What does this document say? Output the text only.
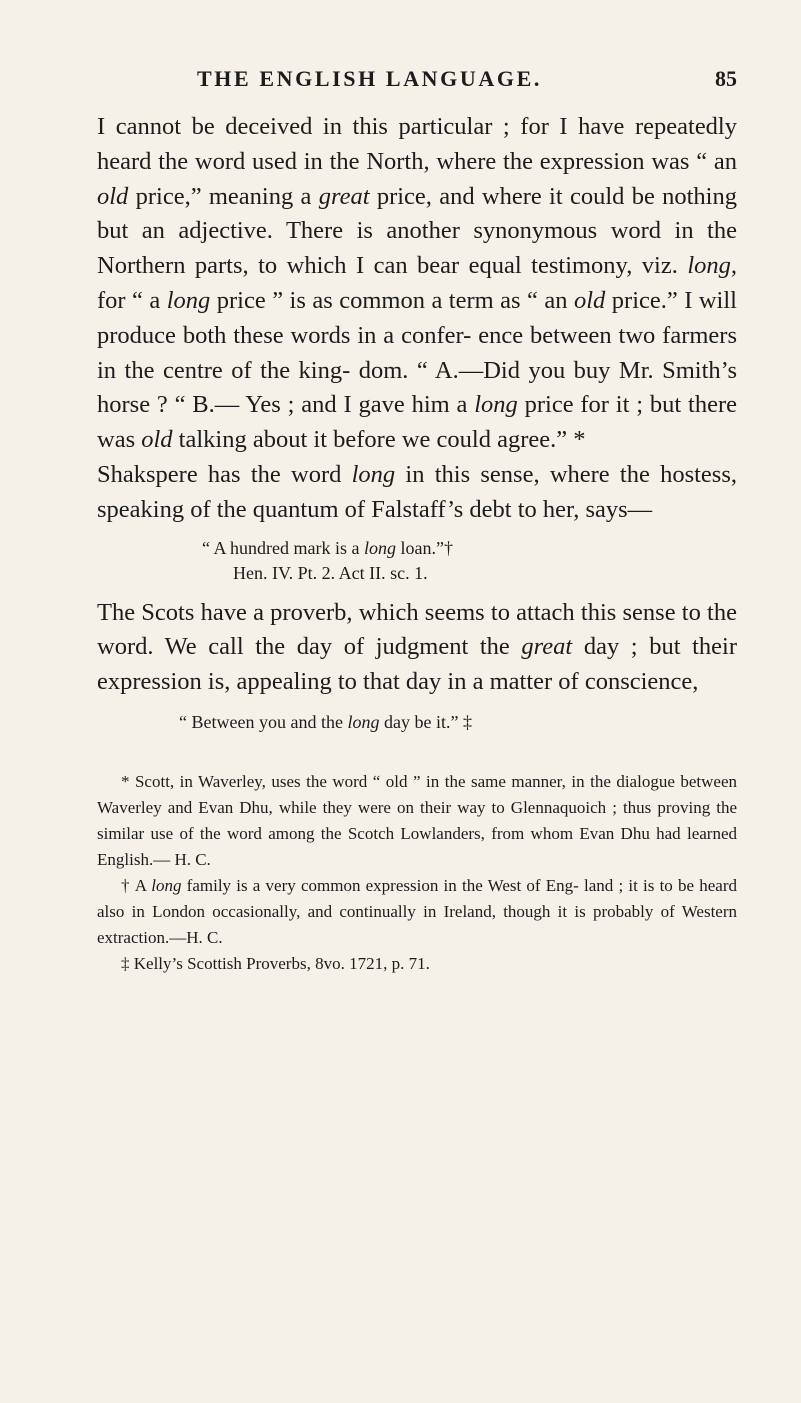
THE ENGLISH LANGUAGE.	85

I cannot be deceived in this particular ; for I have repeatedly heard the word used in the North, where the expression was “ an old price,” meaning a great price, and where it could be nothing but an adjective. There is another synonymous word in the Northern parts, to which I can bear equal testimony, viz. long, for “ a long price ” is as common a term as “ an old price.” I will produce both these words in a confer- ence between two farmers in the centre of the king- dom. “ A.—Did you buy Mr. Smith’s horse ? “ B.— Yes ; and I gave him a long price for it ; but there was old talking about it before we could agree.” *

Shakspere has the word long in this sense, where the hostess, speaking of the quantum of Falstaff’s debt to her, says—

“ A hundred mark is a long loan.”†
Hen. IV. Pt. 2. Act II. sc. 1.

The Scots have a proverb, which seems to attach this sense to the word. We call the day of judgment the great day ; but their expression is, appealing to that day in a matter of conscience,

“ Between you and the long day be it.” ‡

* Scott, in Waverley, uses the word “ old ” in the same manner, in the dialogue between Waverley and Evan Dhu, while they were on their way to Glennaquoich ; thus proving the similar use of the word among the Scotch Lowlanders, from whom Evan Dhu had learned English.— H. C.

† A long family is a very common expression in the West of Eng- land ; it is to be heard also in London occasionally, and continually in Ireland, though it is probably of Western extraction.—H. C.

‡ Kelly’s Scottish Proverbs, 8vo. 1721, p. 71.
